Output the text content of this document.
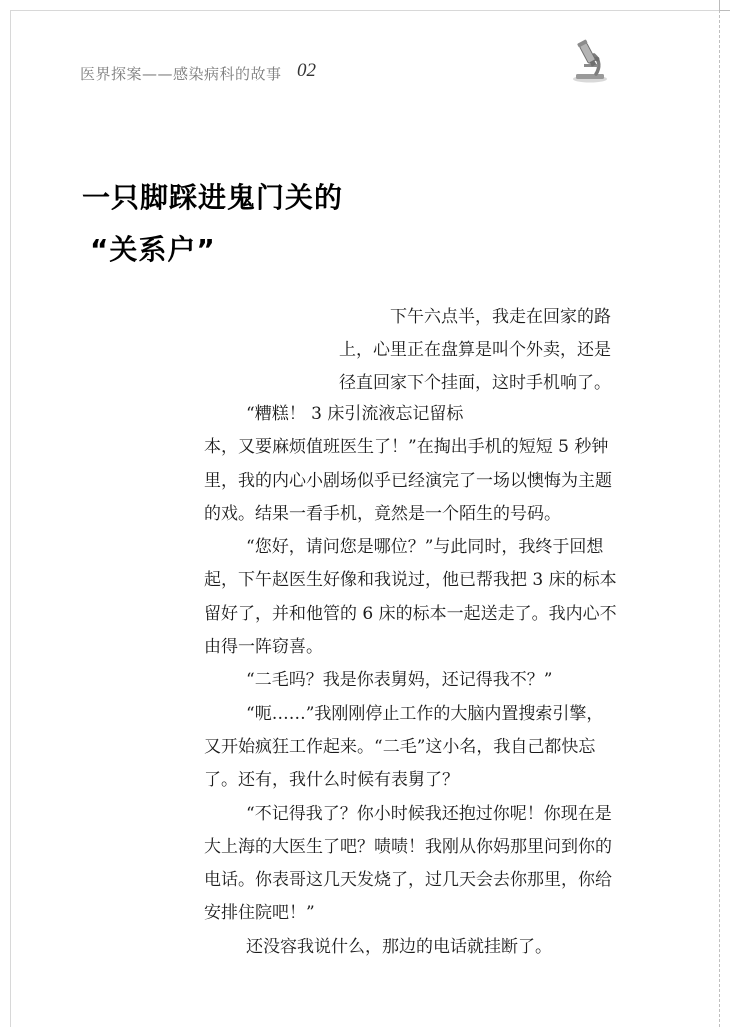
医界探案——感染病科的故事 02
一只脚踩进鬼门关的
“关系户”
下午六点半，我走在回家的路
上，心里正在盘算是叫个外卖，还是
径直回家下个挂面，这时手机响了。
“糟糕！ 3 床引流液忘记留标
本，又要麻烦值班医生了！”在掏出手机的短短 5 秒钟
里，我的内心小剧场似乎已经演完了一场以懊悔为主题
的戏。结果一看手机，竟然是一个陌生的号码。
“您好，请问您是哪位？”与此同时，我终于回想
起，下午赵医生好像和我说过，他已帮我把 3 床的标本
留好了，并和他管的 6 床的标本一起送走了。我内心不
由得一阵窃喜。
“二毛吗？我是你表舅妈，还记得我不？”
“呃……”我刚刚停止工作的大脑内置搜索引擎，
又开始疯狂工作起来。“二毛”这小名，我自己都快忘
了。还有，我什么时候有表舅了？
“不记得我了？你小时候我还抱过你呢！你现在是
大上海的大医生了吧？啧啧！我刚从你妈那里问到你的
电话。你表哥这几天发烧了，过几天会去你那里，你给
安排住院吧！”
还没容我说什么，那边的电话就挂断了。
